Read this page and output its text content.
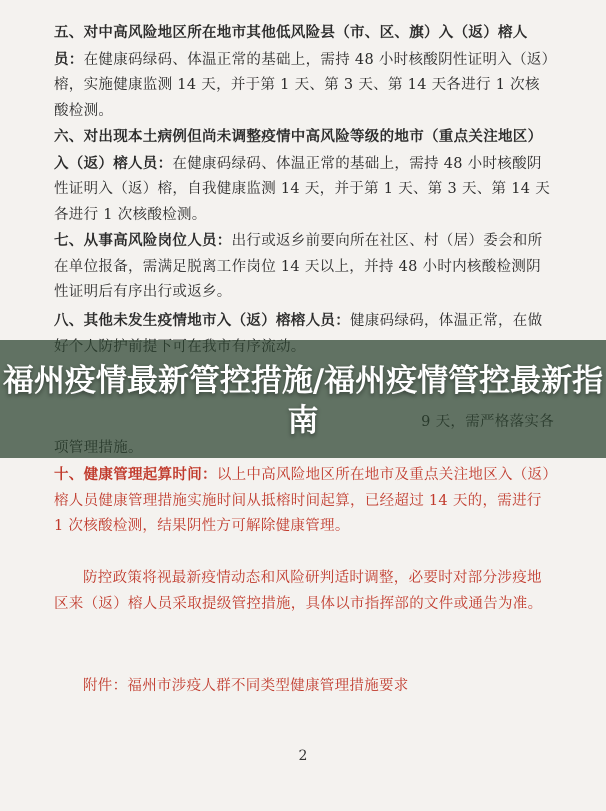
五、对中高风险地区所在地市其他低风险县（市、区、旗）入（返）榕人员：在健康码绿码、体温正常的基础上，需持 48 小时核酸阴性证明入（返）榕，实施健康监测 14 天，并于第 1 天、第 3 天、第 14 天各进行 1 次核酸检测。

六、对出现本土病例但尚未调整疫情中高风险等级的地市（重点关注地区）入（返）榕人员：在健康码绿码、体温正常的基础上，需持 48 小时核酸阴性证明入（返）榕，自我健康监测 14 天，并于第 1 天、第 3 天、第 14 天各进行 1 次核酸检测。

七、从事高风险岗位人员：出行或返乡前要向所在社区、村（居）委会和所在单位报备，需满足脱离工作岗位 14 天以上，并持 48 小时内核酸检测阴性证明后有序出行或返乡。

八、其他未发生疫情地市入（返）榕榕人员：健康码绿码，体温正常，在做

十、健康管理起算时间：以上中高风险地区所在地市及重点关注地区入（返）榕人员健康管理措施实施时间从抵榕时间起算，已经超过 14 天的，需进行 1 次核酸检测，结果阴性方可解除健康管理。

防控政策将视最新疫情动态和风险研判适时调整，必要时对部分涉疫地区来（返）榕人员采取提级管控措施，具体以市指挥部的文件或通告为准。

附件：福州市涉疫人群不同类型健康管理措施要求

2

福州疫情最新管控措施/福州疫情管控最新指南
